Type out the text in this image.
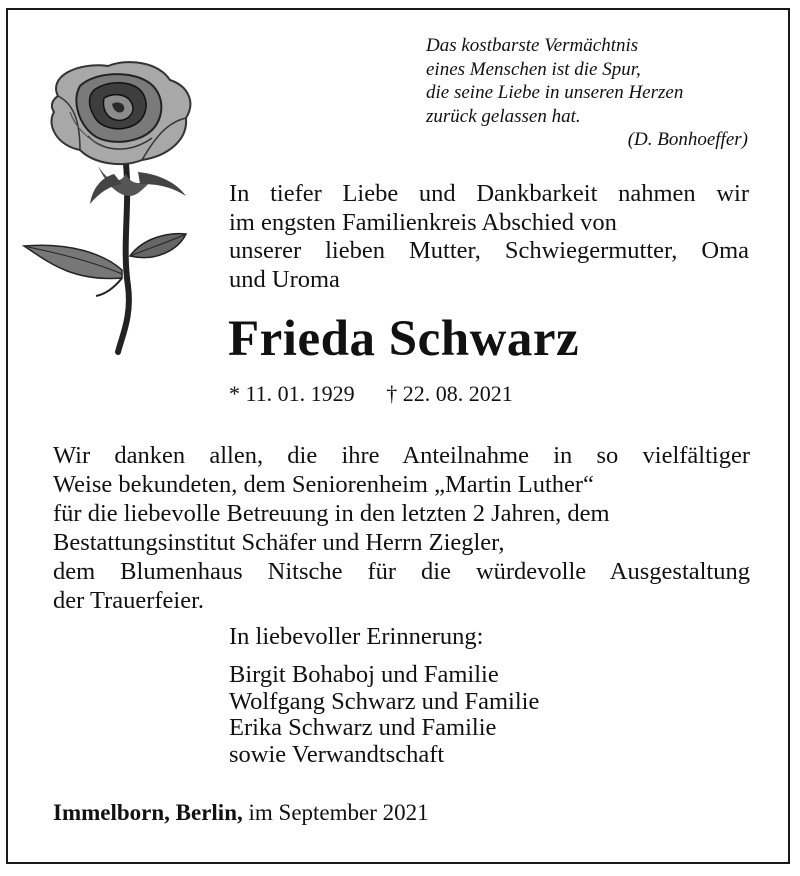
Das kostbarste Vermächtnis
eines Menschen ist die Spur,
die seine Liebe in unseren Herzen
zurück gelassen hat.
(D. Bonhoeffer)
In tiefer Liebe und Dankbarkeit nahmen wir
im engsten Familienkreis Abschied von
unserer lieben Mutter, Schwiegermutter, Oma
und Uroma
Frieda Schwarz
* 11. 01. 1929 † 22. 08. 2021
Wir danken allen, die ihre Anteilnahme in so vielfältiger
Weise bekundeten, dem Seniorenheim „Martin Luther“
für die liebevolle Betreuung in den letzten 2 Jahren, dem
Bestattungsinstitut Schäfer und Herrn Ziegler,
dem Blumenhaus Nitsche für die würdevolle Ausgestaltung
der Trauerfeier.
In liebevoller Erinnerung:
Birgit Bohaboj und Familie
Wolfgang Schwarz und Familie
Erika Schwarz und Familie
sowie Verwandtschaft
Immelborn, Berlin, im September 2021
